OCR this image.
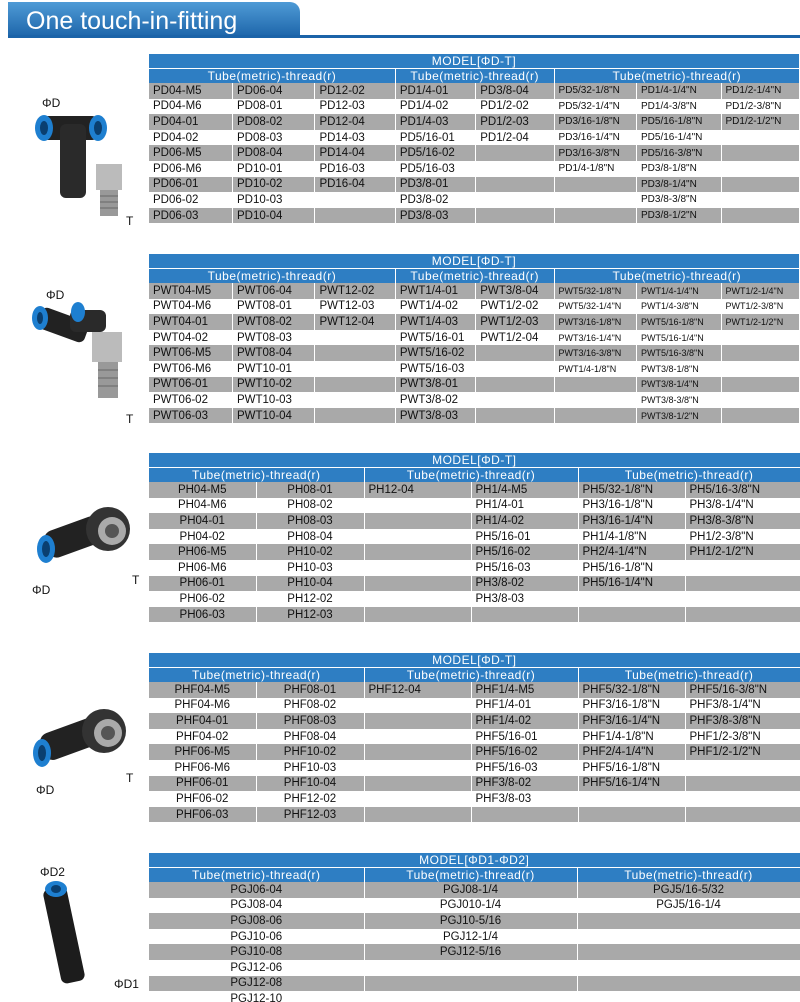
One touch-in-fitting
ΦD
T
MODEL[ΦD-T]							
Tube(metric)-thread(r)			Tube(metric)-thread(r)		Tube(metric)-thread(r)		
PD04-M5	PD06-04	PD12-02	PD1/4-01	PD3/8-04	PD5/32-1/8"N	PD1/4-1/4"N	PD1/2-1/4"N
PD04-M6	PD08-01	PD12-03	PD1/4-02	PD1/2-02	PD5/32-1/4"N	PD1/4-3/8"N	PD1/2-3/8"N
PD04-01	PD08-02	PD12-04	PD1/4-03	PD1/2-03	PD3/16-1/8"N	PD5/16-1/8"N	PD1/2-1/2"N
PD04-02	PD08-03	PD14-03	PD5/16-01	PD1/2-04	PD3/16-1/4"N	PD5/16-1/4"N	
PD06-M5	PD08-04	PD14-04	PD5/16-02		PD3/16-3/8"N	PD5/16-3/8"N	
PD06-M6	PD10-01	PD16-03	PD5/16-03		PD1/4-1/8"N	PD3/8-1/8"N	
PD06-01	PD10-02	PD16-04	PD3/8-01			PD3/8-1/4"N	
PD06-02	PD10-03		PD3/8-02			PD3/8-3/8"N	
PD06-03	PD10-04		PD3/8-03			PD3/8-1/2"N	
ΦD
T
MODEL[ΦD-T]							
Tube(metric)-thread(r)			Tube(metric)-thread(r)		Tube(metric)-thread(r)		
PWT04-M5	PWT06-04	PWT12-02	PWT1/4-01	PWT3/8-04	PWT5/32-1/8"N	PWT1/4-1/4"N	PWT1/2-1/4"N
PWT04-M6	PWT08-01	PWT12-03	PWT1/4-02	PWT1/2-02	PWT5/32-1/4"N	PWT1/4-3/8"N	PWT1/2-3/8"N
PWT04-01	PWT08-02	PWT12-04	PWT1/4-03	PWT1/2-03	PWT3/16-1/8"N	PWT5/16-1/8"N	PWT1/2-1/2"N
PWT04-02	PWT08-03		PWT5/16-01	PWT1/2-04	PWT3/16-1/4"N	PWT5/16-1/4"N	
PWT06-M5	PWT08-04		PWT5/16-02		PWT3/16-3/8"N	PWT5/16-3/8"N	
PWT06-M6	PWT10-01		PWT5/16-03		PWT1/4-1/8"N	PWT3/8-1/8"N	
PWT06-01	PWT10-02		PWT3/8-01			PWT3/8-1/4"N	
PWT06-02	PWT10-03		PWT3/8-02			PWT3/8-3/8"N	
PWT06-03	PWT10-04		PWT3/8-03			PWT3/8-1/2"N	
ΦD
T
MODEL[ΦD-T]					
Tube(metric)-thread(r)		Tube(metric)-thread(r)		Tube(metric)-thread(r)	
PH04-M5	PH08-01	PH12-04	PH1/4-M5	PH5/32-1/8"N	PH5/16-3/8"N
PH04-M6	PH08-02		PH1/4-01	PH3/16-1/8"N	PH3/8-1/4"N
PH04-01	PH08-03		PH1/4-02	PH3/16-1/4"N	PH3/8-3/8"N
PH04-02	PH08-04		PH5/16-01	PH1/4-1/8"N	PH1/2-3/8"N
PH06-M5	PH10-02		PH5/16-02	PH2/4-1/4"N	PH1/2-1/2"N
PH06-M6	PH10-03		PH5/16-03	PH5/16-1/8"N	
PH06-01	PH10-04		PH3/8-02	PH5/16-1/4"N	
PH06-02	PH12-02		PH3/8-03		
PH06-03	PH12-03				
ΦD
T
MODEL[ΦD-T]					
Tube(metric)-thread(r)		Tube(metric)-thread(r)		Tube(metric)-thread(r)	
PHF04-M5	PHF08-01	PHF12-04	PHF1/4-M5	PHF5/32-1/8"N	PHF5/16-3/8"N
PHF04-M6	PHF08-02		PHF1/4-01	PHF3/16-1/8"N	PHF3/8-1/4"N
PHF04-01	PHF08-03		PHF1/4-02	PHF3/16-1/4"N	PHF3/8-3/8"N
PHF04-02	PHF08-04		PHF5/16-01	PHF1/4-1/8"N	PHF1/2-3/8"N
PHF06-M5	PHF10-02		PHF5/16-02	PHF2/4-1/4"N	PHF1/2-1/2"N
PHF06-M6	PHF10-03		PHF5/16-03	PHF5/16-1/8"N	
PHF06-01	PHF10-04		PHF3/8-02	PHF5/16-1/4"N	
PHF06-02	PHF12-02		PHF3/8-03		
PHF06-03	PHF12-03				
ΦD2
ΦD1
MODEL[ΦD1-ΦD2]		
Tube(metric)-thread(r)	Tube(metric)-thread(r)	Tube(metric)-thread(r)
PGJ06-04	PGJ08-1/4	PGJ5/16-5/32
PGJ08-04	PGJ010-1/4	PGJ5/16-1/4
PGJ08-06	PGJ10-5/16	
PGJ10-06	PGJ12-1/4	
PGJ10-08	PGJ12-5/16	
PGJ12-06		
PGJ12-08		
PGJ12-10		
